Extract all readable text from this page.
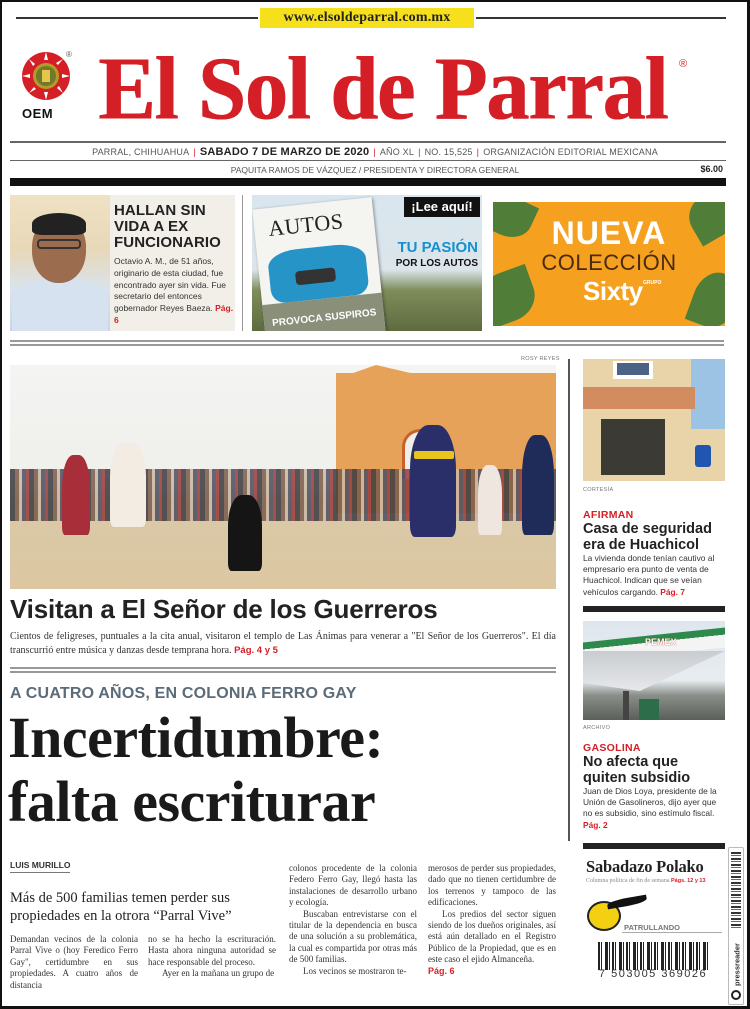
www.elsoldeparral.com.mx
®
OEM El Sol de Parral	®
PARRAL, CHIHUAHUA | SABADO 7 DE MARZO DE 2020 | AÑO XL | NO. 15,525 | ORGANIZACIÓN EDITORIAL MEXICANA
PAQUITA RAMOS DE VÁZQUEZ / PRESIDENTA Y DIRECTORA GENERAL	$6.00
HALLAN SIN VIDA A EX FUNCIONARIO
Octavio A. M., de 51 años, originario de esta ciudad, fue encontrado ayer sin vida. Fue secretario del entonces gobernador Reyes Baeza. Pág. 6
AUTOS
PROVOCA SUSPIROS
¡Lee aquí!
TU PASIÓN
POR LOS AUTOS
NUEVA
COLECCIÓN
Sixty GRUPO
ROSY REYES
Visitan a El Señor de los Guerreros
Cientos de feligreses, puntuales a la cita anual, visitaron el templo de Las Ánimas para venerar a "El Señor de los Guerreros". El día transcurrió entre música y danzas desde temprana hora. Pág. 4 y 5
A CUATRO AÑOS, EN COLONIA FERRO GAY
Incertidumbre:
falta escriturar
LUIS MURILLO
Más de 500 familias temen perder sus propiedades en la otrora “Parral Vive”

Demandan vecinos de la colonia Parral Vive o (hoy Feredico Ferro Gay", certidumbre en sus propiedades. A cuatro años de distancia

no se ha hecho la escrituración. Hasta ahora ninguna autoridad se hace responsable del proceso.

Ayer en la mañana un grupo de

colonos procedente de la colonia Federo Ferro Gay, llegó hasta las instalaciones de desarrollo urbano y ecología.

Buscaban entrevistarse con el titular de la dependencia en busca de una solución a su problemática, la cual es compartida por otras más de 500 familias.

Los vecinos se mostraron te-

merosos de perder sus propiedades, dado que no tienen certidumbre de los terrenos y tampoco de las edificaciones.

Los predios del sector siguen siendo de los dueños originales, así está aún detallado en el Registro Público de la Propiedad, que es en este caso el ejido Almanceña.

Pág. 6

CORTESÍA
AFIRMAN
Casa de seguridad era de Huachicol
La vivienda donde tenían cautivo al empresario era punto de venta de Huachicol. Indican que se veían vehículos cargando. Pág. 7
PEMEX
ARCHIVO
GASOLINA
No afecta que quiten subsidio
Juan de Dios Loya, presidente de la Unión de Gasolineros, dijo ayer que no es subsidio, sino estímulo fiscal. Pág. 2
Sabadazo Polako
Columna política de fin de semana Págs. 12 y 13
PATRULLANDO
7 503005 369026	pressreader
